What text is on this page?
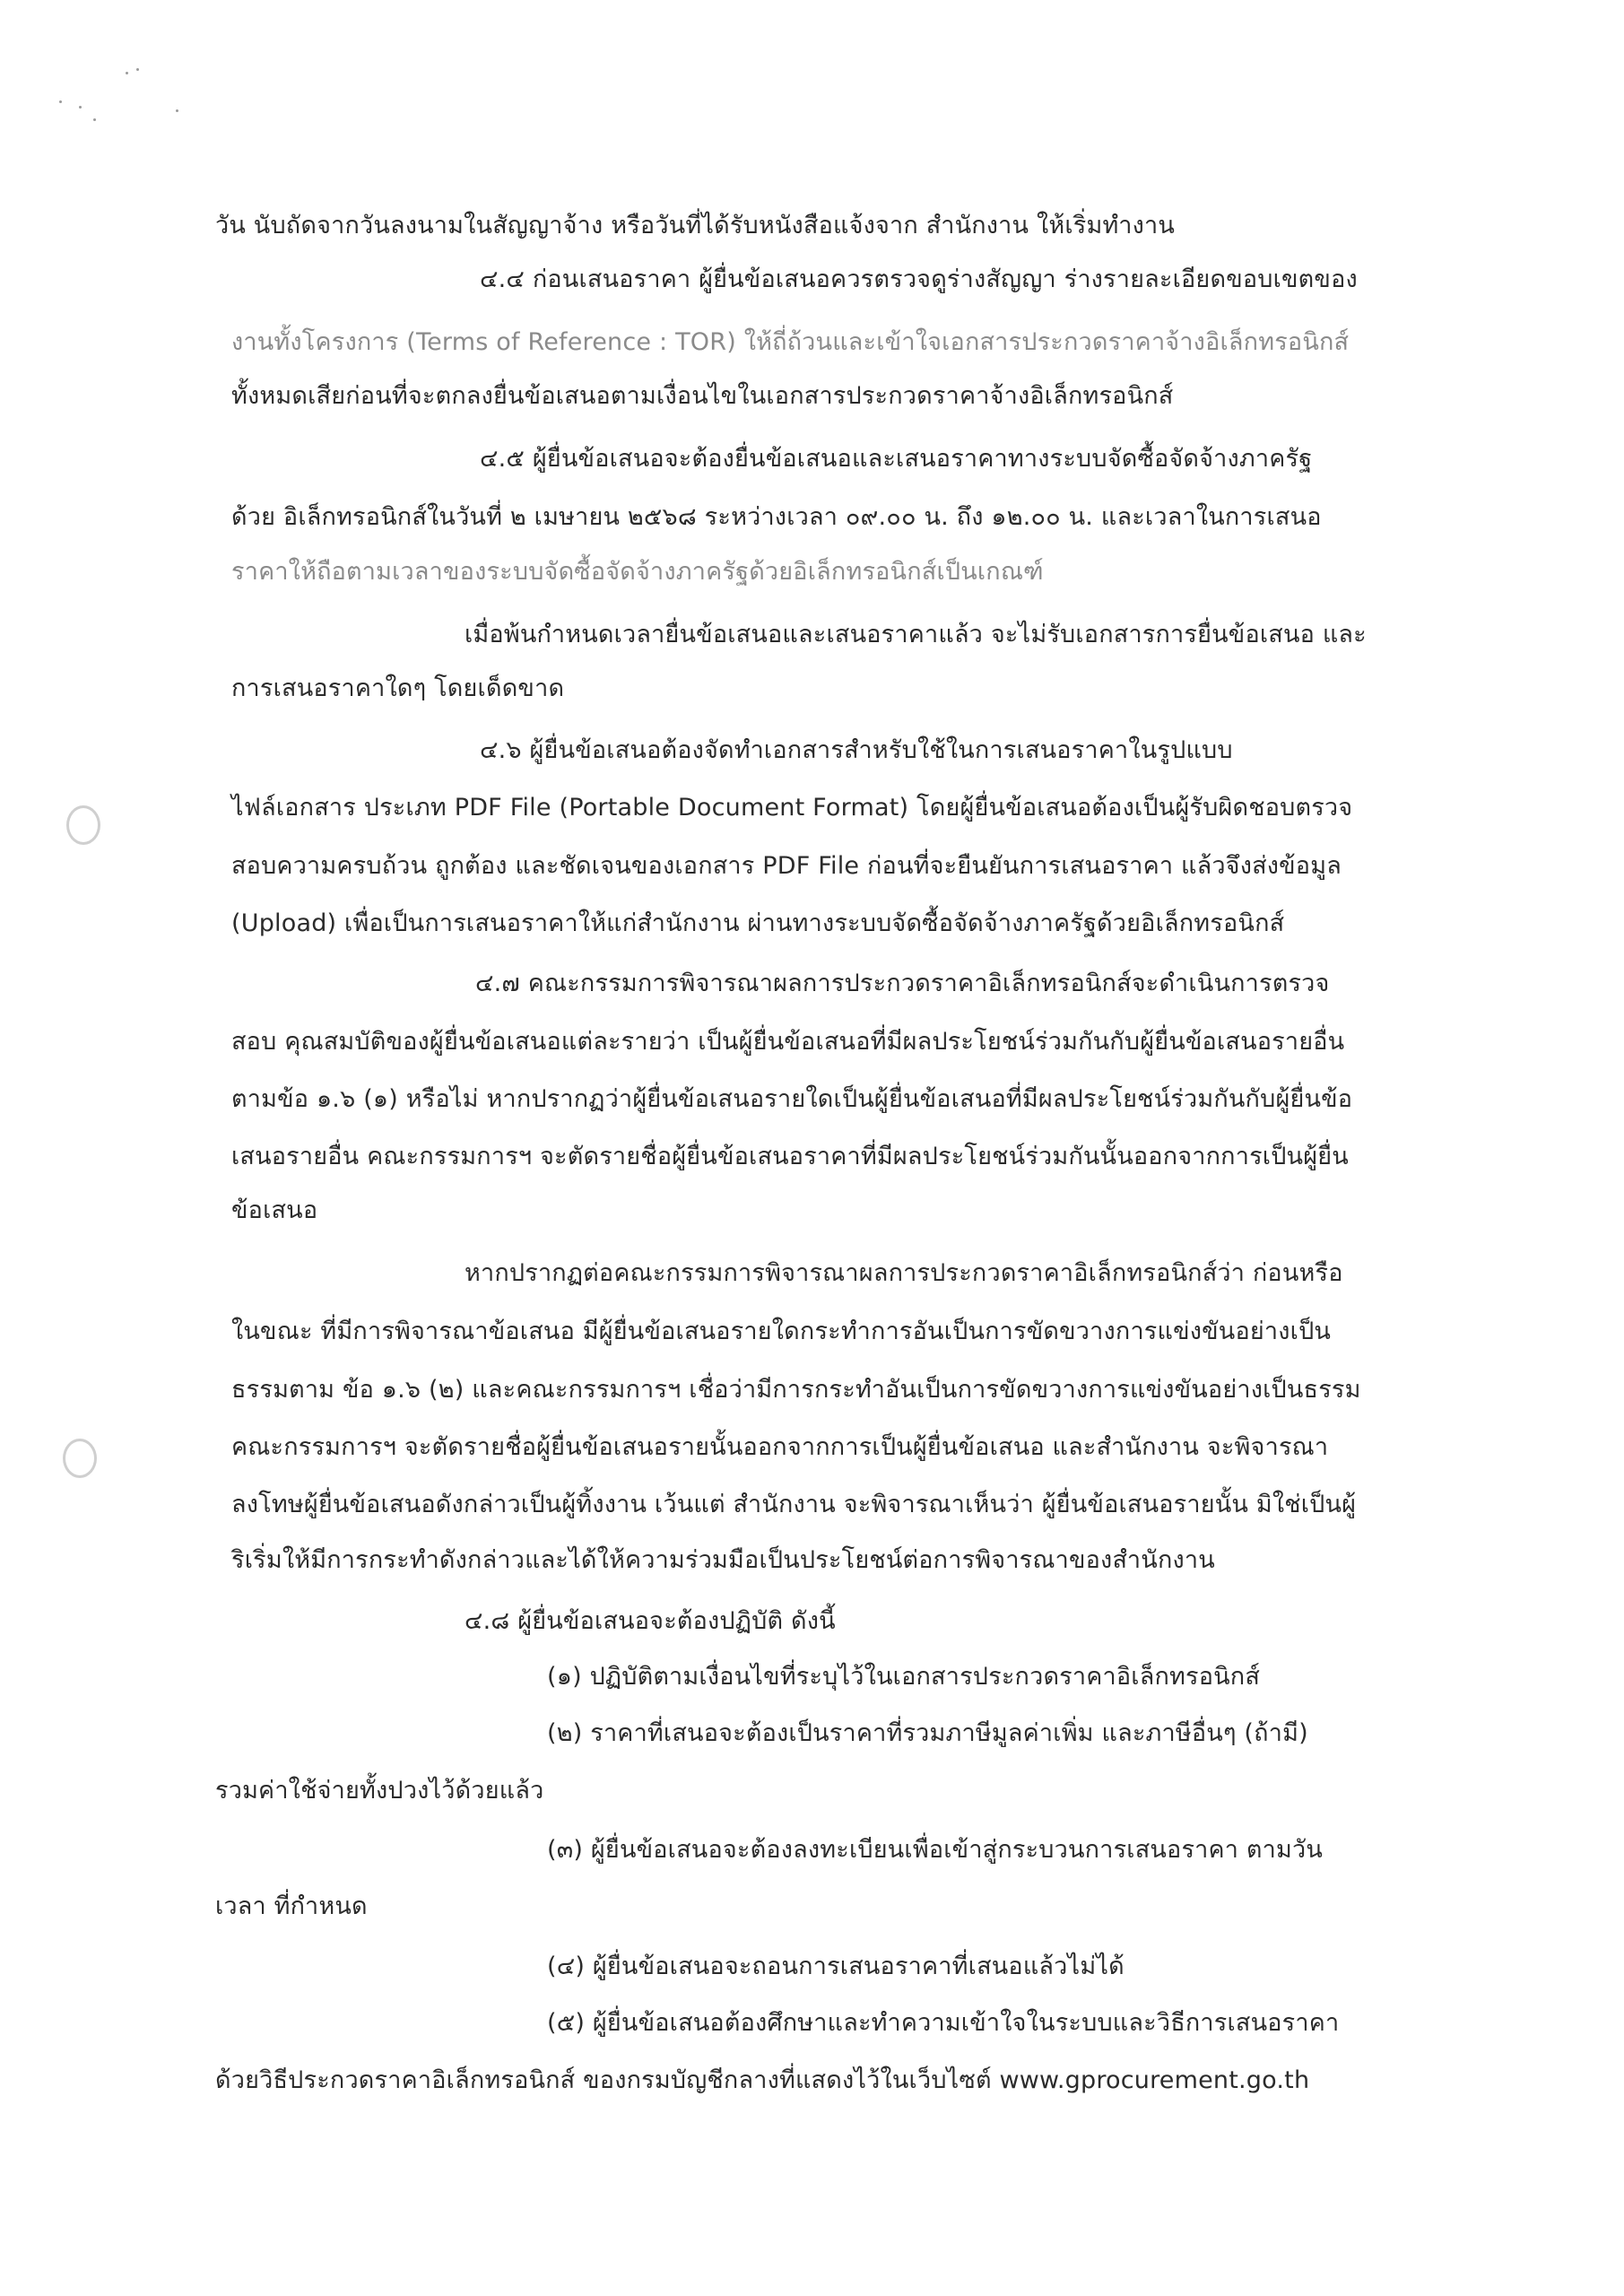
วัน นับถัดจากวันลงนามในสัญญาจ้าง หรือวันที่ได้รับหนังสือแจ้งจาก สำนักงาน ให้เริ่มทำงาน
๔.๔ ก่อนเสนอราคา ผู้ยื่นข้อเสนอควรตรวจดูร่างสัญญา ร่างรายละเอียดขอบเขตของ
งานทั้งโครงการ (Terms of Reference : TOR) ให้ถี่ถ้วนและเข้าใจเอกสารประกวดราคาจ้างอิเล็กทรอนิกส์
ทั้งหมดเสียก่อนที่จะตกลงยื่นข้อเสนอตามเงื่อนไขในเอกสารประกวดราคาจ้างอิเล็กทรอนิกส์
๔.๕ ผู้ยื่นข้อเสนอจะต้องยื่นข้อเสนอและเสนอราคาทางระบบจัดซื้อจัดจ้างภาครัฐ
ด้วย อิเล็กทรอนิกส์ในวันที่ ๒ เมษายน ๒๕๖๘ ระหว่างเวลา ๐๙.๐๐ น. ถึง ๑๒.๐๐ น. และเวลาในการเสนอ
ราคาให้ถือตามเวลาของระบบจัดซื้อจัดจ้างภาครัฐด้วยอิเล็กทรอนิกส์เป็นเกณฑ์
เมื่อพ้นกำหนดเวลายื่นข้อเสนอและเสนอราคาแล้ว จะไม่รับเอกสารการยื่นข้อเสนอ และ
การเสนอราคาใดๆ โดยเด็ดขาด
๔.๖ ผู้ยื่นข้อเสนอต้องจัดทำเอกสารสำหรับใช้ในการเสนอราคาในรูปแบบ
ไฟล์เอกสาร ประเภท PDF File (Portable Document Format) โดยผู้ยื่นข้อเสนอต้องเป็นผู้รับผิดชอบตรวจ
สอบความครบถ้วน ถูกต้อง และชัดเจนของเอกสาร PDF File ก่อนที่จะยืนยันการเสนอราคา แล้วจึงส่งข้อมูล
(Upload) เพื่อเป็นการเสนอราคาให้แก่สำนักงาน ผ่านทางระบบจัดซื้อจัดจ้างภาครัฐด้วยอิเล็กทรอนิกส์
๔.๗ คณะกรรมการพิจารณาผลการประกวดราคาอิเล็กทรอนิกส์จะดำเนินการตรวจ
สอบ คุณสมบัติของผู้ยื่นข้อเสนอแต่ละรายว่า เป็นผู้ยื่นข้อเสนอที่มีผลประโยชน์ร่วมกันกับผู้ยื่นข้อเสนอรายอื่น
ตามข้อ ๑.๖ (๑) หรือไม่ หากปรากฏว่าผู้ยื่นข้อเสนอรายใดเป็นผู้ยื่นข้อเสนอที่มีผลประโยชน์ร่วมกันกับผู้ยื่นข้อ
เสนอรายอื่น คณะกรรมการฯ จะตัดรายชื่อผู้ยื่นข้อเสนอราคาที่มีผลประโยชน์ร่วมกันนั้นออกจากการเป็นผู้ยื่น
ข้อเสนอ
หากปรากฏต่อคณะกรรมการพิจารณาผลการประกวดราคาอิเล็กทรอนิกส์ว่า ก่อนหรือ
ในขณะ ที่มีการพิจารณาข้อเสนอ มีผู้ยื่นข้อเสนอรายใดกระทำการอันเป็นการขัดขวางการแข่งขันอย่างเป็น
ธรรมตาม ข้อ ๑.๖ (๒) และคณะกรรมการฯ เชื่อว่ามีการกระทำอันเป็นการขัดขวางการแข่งขันอย่างเป็นธรรม
คณะกรรมการฯ จะตัดรายชื่อผู้ยื่นข้อเสนอรายนั้นออกจากการเป็นผู้ยื่นข้อเสนอ และสำนักงาน จะพิจารณา
ลงโทษผู้ยื่นข้อเสนอดังกล่าวเป็นผู้ทิ้งงาน เว้นแต่ สำนักงาน จะพิจารณาเห็นว่า ผู้ยื่นข้อเสนอรายนั้น มิใช่เป็นผู้
ริเริ่มให้มีการกระทำดังกล่าวและได้ให้ความร่วมมือเป็นประโยชน์ต่อการพิจารณาของสำนักงาน
๔.๘ ผู้ยื่นข้อเสนอจะต้องปฏิบัติ ดังนี้
(๑) ปฏิบัติตามเงื่อนไขที่ระบุไว้ในเอกสารประกวดราคาอิเล็กทรอนิกส์
(๒) ราคาที่เสนอจะต้องเป็นราคาที่รวมภาษีมูลค่าเพิ่ม และภาษีอื่นๆ (ถ้ามี)
รวมค่าใช้จ่ายทั้งปวงไว้ด้วยแล้ว
(๓) ผู้ยื่นข้อเสนอจะต้องลงทะเบียนเพื่อเข้าสู่กระบวนการเสนอราคา ตามวัน
เวลา ที่กำหนด
(๔) ผู้ยื่นข้อเสนอจะถอนการเสนอราคาที่เสนอแล้วไม่ได้
(๕) ผู้ยื่นข้อเสนอต้องศึกษาและทำความเข้าใจในระบบและวิธีการเสนอราคา
ด้วยวิธีประกวดราคาอิเล็กทรอนิกส์ ของกรมบัญชีกลางที่แสดงไว้ในเว็บไซต์ www.gprocurement.go.th
